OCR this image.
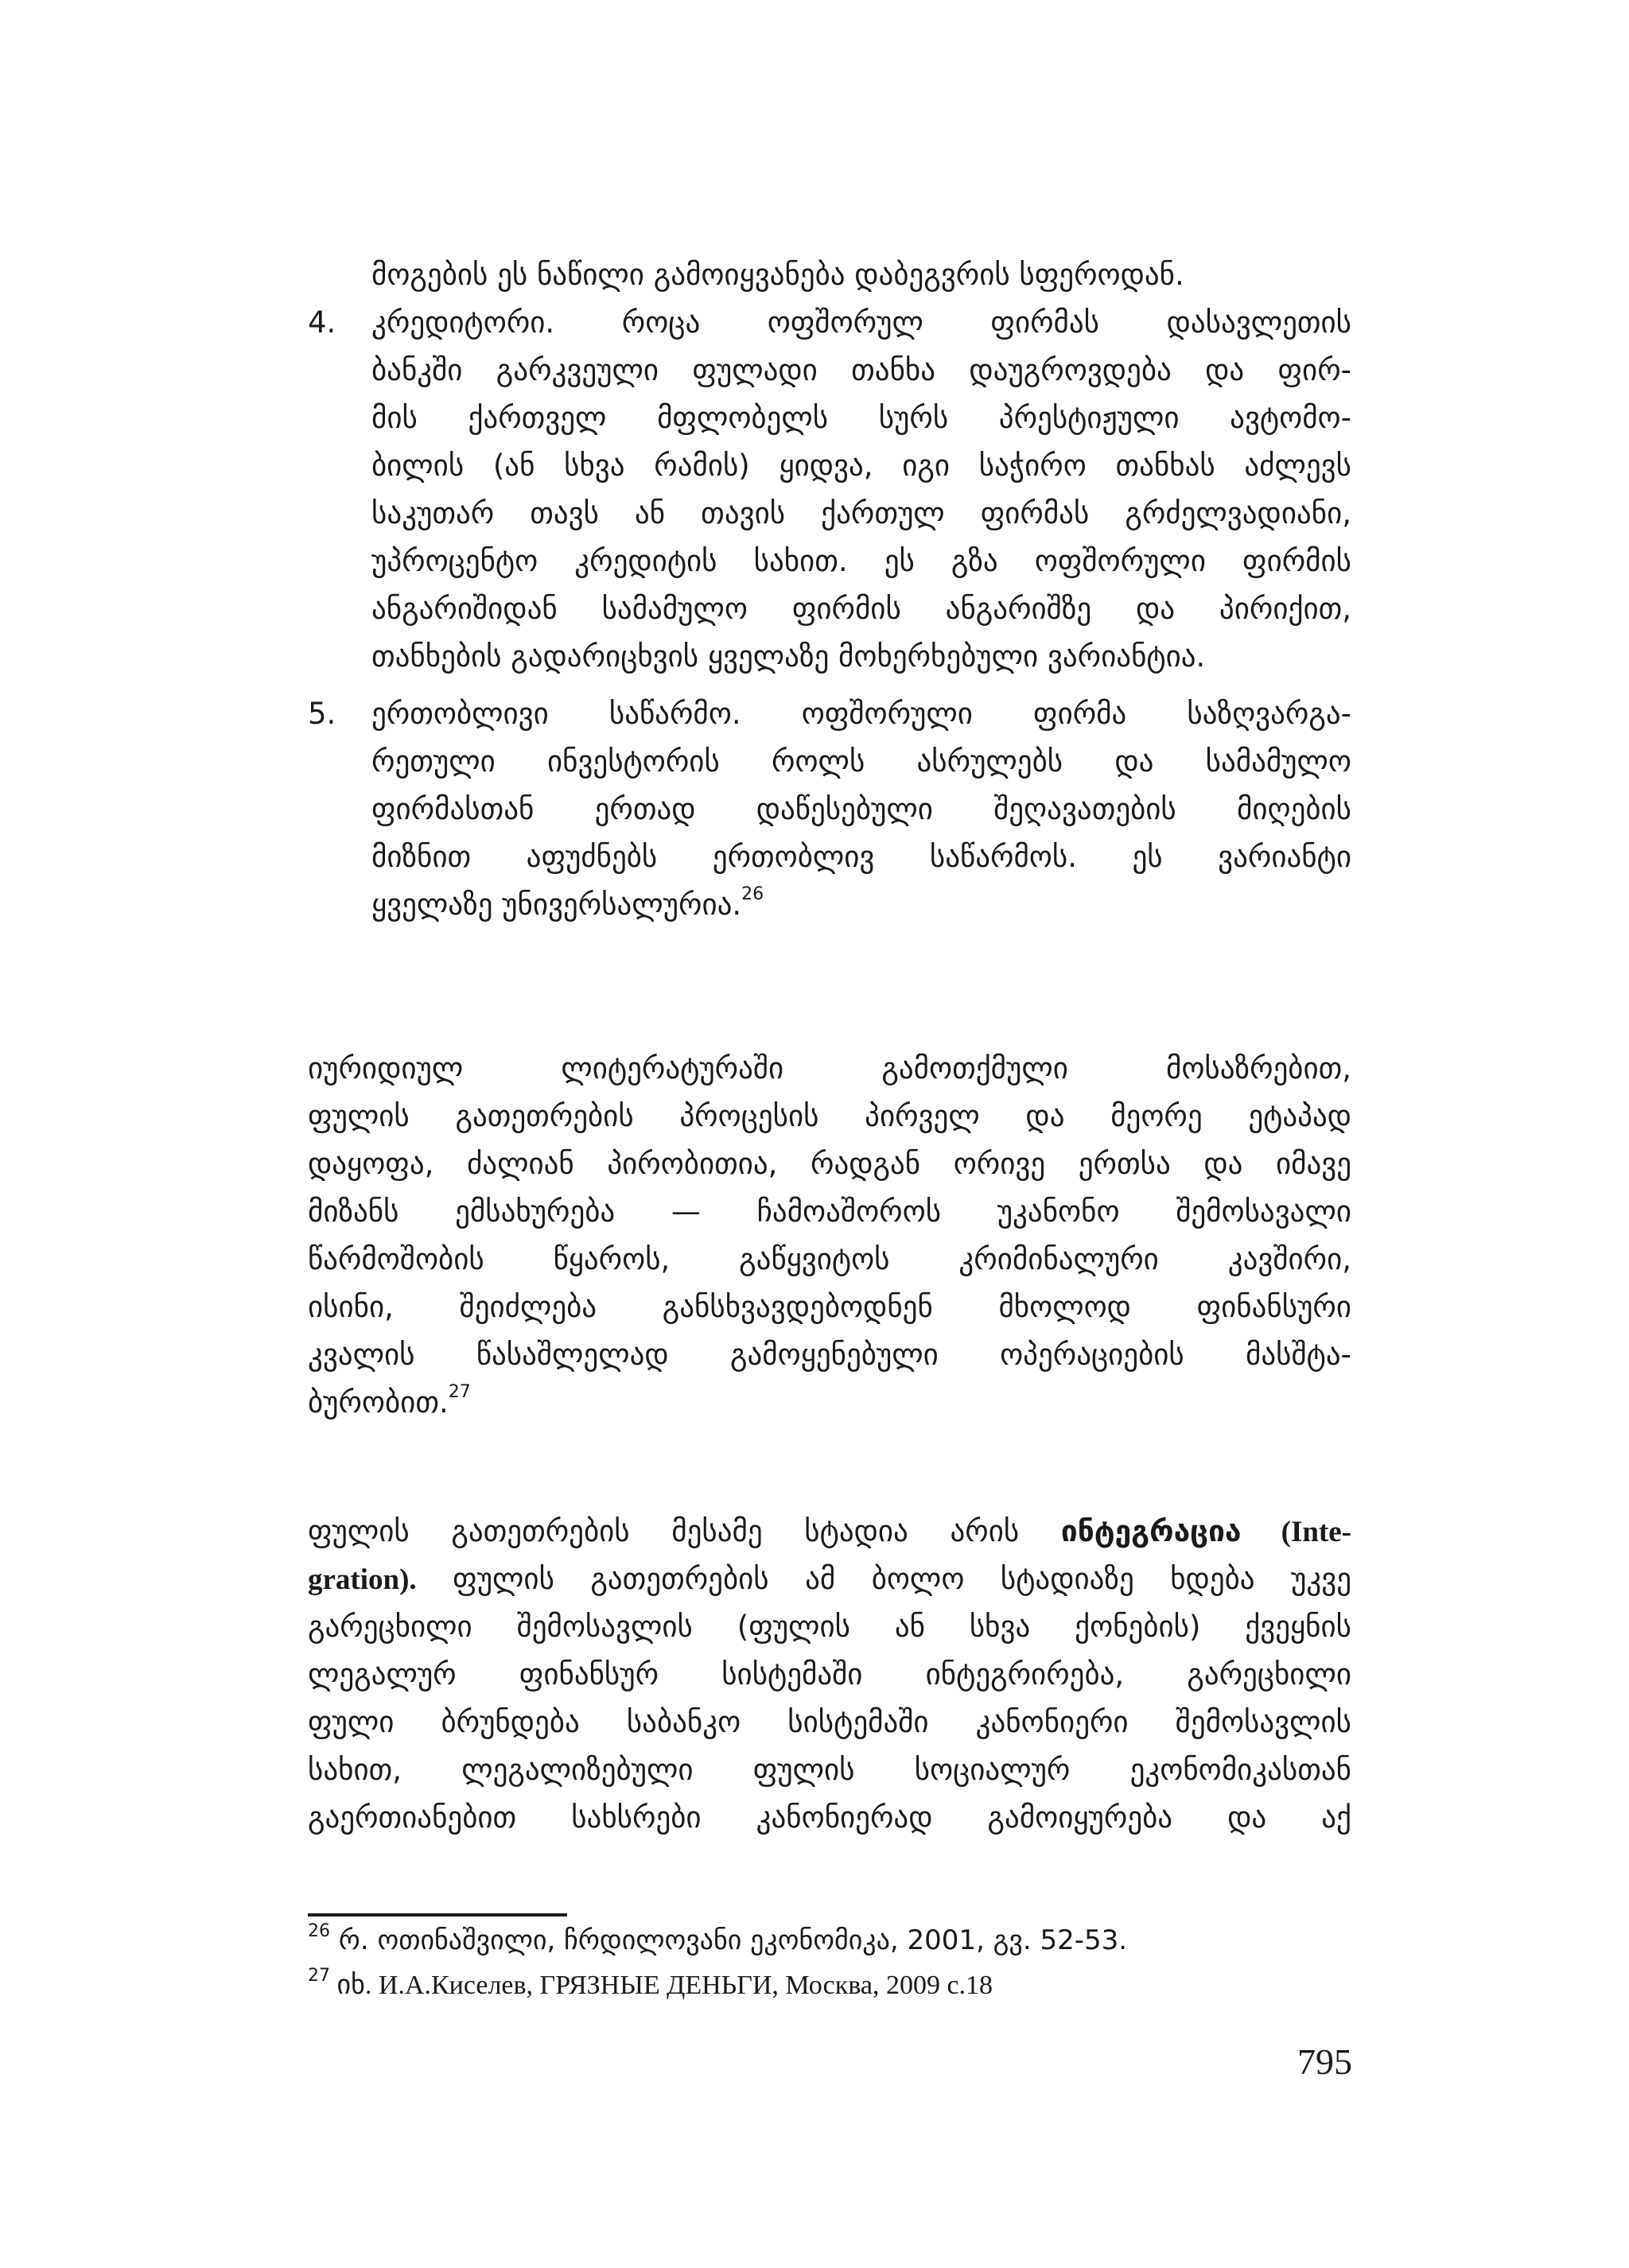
მოგების ეს ნაწილი გამოიყვანება დაბეგვრის სფეროდან.
4.	კრედიტორი. როცა ოფშორულ ფირმას დასავლეთის
ბანკში გარკვეული ფულადი თანხა დაუგროვდება და ფირ-
მის ქართველ მფლობელს სურს პრესტიჟული ავტომო-
ბილის (ან სხვა რამის) ყიდვა, იგი საჭირო თანხას აძლევს
საკუთარ თავს ან თავის ქართულ ფირმას გრძელვადიანი,
უპროცენტო კრედიტის სახით. ეს გზა ოფშორული ფირმის
ანგარიშიდან სამამულო ფირმის ანგარიშზე და პირიქით,
თანხების გადარიცხვის ყველაზე მოხერხებული ვარიანტია.
5.	ერთობლივი საწარმო. ოფშორული ფირმა საზღვარგა-
რეთული ინვესტორის როლს ასრულებს და სამამულო
ფირმასთან ერთად დაწესებული შეღავათების მიღების
მიზნით აფუძნებს ერთობლივ საწარმოს. ეს ვარიანტი
ყველაზე უნივერსალურია.$^{26}$
იურიდიულ ლიტერატურაში გამოთქმული მოსაზრებით,
ფულის გათეთრების პროცესის პირველ და მეორე ეტაპად
დაყოფა, ძალიან პირობითია, რადგან ორივე ერთსა და იმავე
მიზანს ემსახურება — ჩამოაშოროს უკანონო შემოსავალი
წარმოშობის წყაროს, გაწყვიტოს კრიმინალური კავშირი,
ისინი, შეიძლება განსხვავდებოდნენ მხოლოდ ფინანსური
კვალის წასაშლელად გამოყენებული ოპერაციების მასშტა-
ბურობით.$^{27}$
ფულის გათეთრების მესამე სტადია არის ინტეგრაცია (Inte-
gration). ფულის გათეთრების ამ ბოლო სტადიაზე ხდება უკვე
გარეცხილი შემოსავლის (ფულის ან სხვა ქონების) ქვეყნის
ლეგალურ ფინანსურ სისტემაში ინტეგრირება, გარეცხილი
ფული ბრუნდება საბანკო სისტემაში კანონიერი შემოსავლის
სახით, ლეგალიზებული ფულის სოციალურ ეკონომიკასთან
გაერთიანებით სახსრები კანონიერად გამოიყურება და აქ
$^{26}$ რ. ოთინაშვილი, ჩრდილოვანი ეკონომიკა, 2001, გვ. 52-53.
$^{27}$ იხ. И.А.Киселев, ГРЯЗНЫЕ ДЕНЬГИ, Москва, 2009 с.18
795
